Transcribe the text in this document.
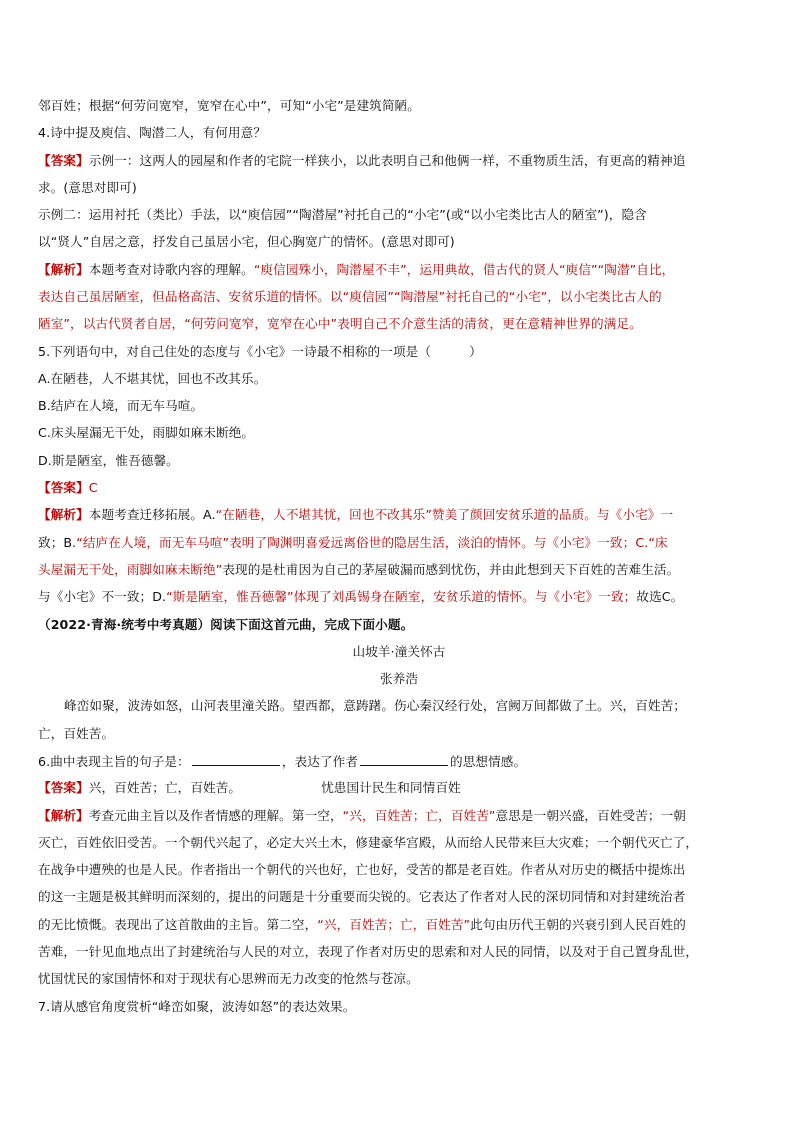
邻百姓；根据“何劳问宽窄，宽窄在心中”，可知“小宅”是建筑简陋。
4.诗中提及庾信、陶潜二人，有何用意？
【答案】示例一：这两人的园屋和作者的宅院一样狭小，以此表明自己和他俩一样，不重物质生活，有更高的精神追
求。(意思对即可)
示例二：运用衬托（类比）手法，以“庾信园”“陶潜屋”衬托自己的“小宅”(或“以小宅类比古人的陋室”)，隐含
以“贤人”自居之意，抒发自己虽居小宅，但心胸宽广的情怀。(意思对即可)
【解析】本题考查对诗歌内容的理解。“庾信园殊小，陶潜屋不丰”，运用典故，借古代的贤人“庾信”“陶潜”自比，
表达自己虽居陋室，但品格高洁、安贫乐道的情怀。以“庾信园”“陶潜屋”衬托自己的“小宅”，以小宅类比古人的
陋室”，以古代贤者自居，“何劳问宽窄，宽窄在心中”表明自己不介意生活的清贫，更在意精神世界的满足。
5.下列语句中，对自己住处的态度与《小宅》一诗最不相称的一项是（　　　）
A.在陋巷，人不堪其忧，回也不改其乐。
B.结庐在人境，而无车马喧。
C.床头屋漏无干处，雨脚如麻未断绝。
D.斯是陋室，惟吾德馨。
【答案】C
【解析】本题考查迁移拓展。A.“在陋巷，人不堪其忧，回也不改其乐”赞美了颜回安贫乐道的品质。与《小宅》一
致；B.“结庐在人境，而无车马喧”表明了陶渊明喜爱远离俗世的隐居生活，淡泊的情怀。与《小宅》一致；C.“床
头屋漏无干处，雨脚如麻未断绝”表现的是杜甫因为自己的茅屋破漏而感到忧伤，并由此想到天下百姓的苦难生活。
与《小宅》不一致；D.“斯是陋室，惟吾德馨”体现了刘禹锡身在陋室，安贫乐道的情怀。与《小宅》一致；故选C。
（2022·青海·统考中考真题）阅读下面这首元曲，完成下面小题。
山坡羊·潼关怀古
张养浩
峰峦如聚，波涛如怒，山河表里潼关路。望西都，意踌躇。伤心秦汉经行处，宫阙万间都做了土。兴，百姓苦；
亡，百姓苦。
6.曲中表现主旨的句子是：	，表达了作者	的思想情感。
【答案】兴，百姓苦；亡，百姓苦。	忧患国计民生和同情百姓
【解析】考查元曲主旨以及作者情感的理解。第一空，“兴，百姓苦；亡，百姓苦”意思是一朝兴盛，百姓受苦；一朝
灭亡，百姓依旧受苦。一个朝代兴起了，必定大兴土木，修建豪华宫殿，从而给人民带来巨大灾难；一个朝代灭亡了，
在战争中遭殃的也是人民。作者指出一个朝代的兴也好，亡也好，受苦的都是老百姓。作者从对历史的概括中提炼出
的这一主题是极其鲜明而深刻的，提出的问题是十分重要而尖锐的。它表达了作者对人民的深切同情和对封建统治者
的无比愤慨。表现出了这首散曲的主旨。第二空，“兴，百姓苦；亡，百姓苦”此句由历代王朝的兴衰引到人民百姓的
苦难，一针见血地点出了封建统治与人民的对立，表现了作者对历史的思索和对人民的同情，以及对于自己置身乱世，
忧国忧民的家国情怀和对于现状有心思辨而无力改变的怆然与苍凉。
7.请从感官角度赏析“峰峦如聚，波涛如怒”的表达效果。
